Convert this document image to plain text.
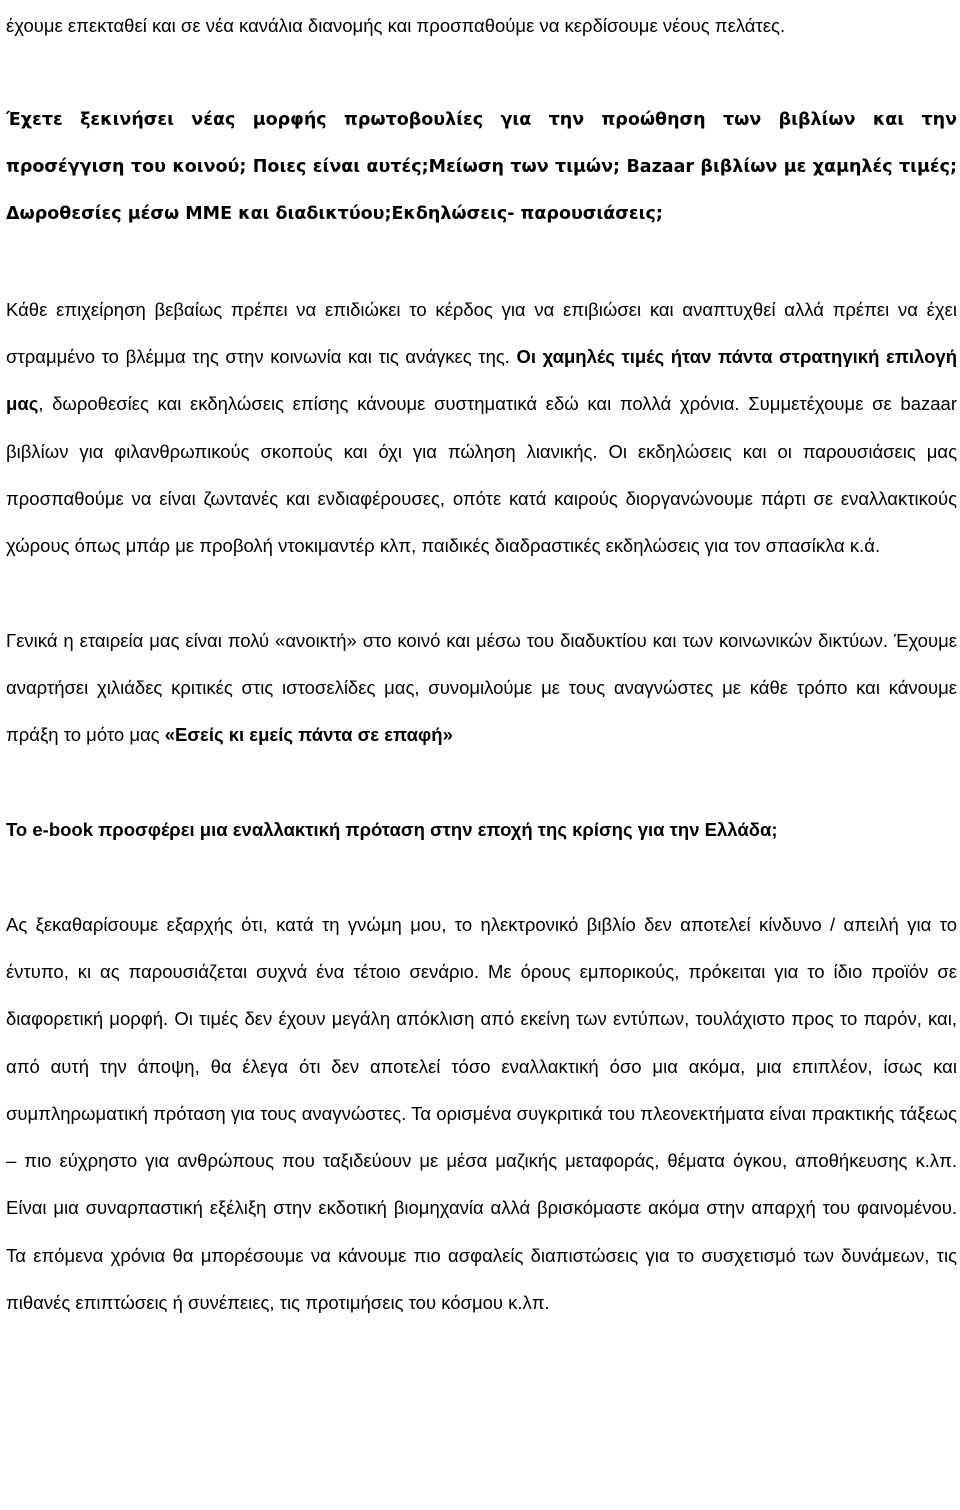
έχουμε επεκταθεί και σε νέα κανάλια διανομής και προσπαθούμε να κερδίσουμε νέους πελάτες.

Έχετε ξεκινήσει νέας μορφής πρωτοβουλίες για την προώθηση των βιβλίων και την προσέγγιση του κοινού; Ποιες είναι αυτές;Μείωση των τιμών; Bazaar βιβλίων με χαμηλές τιμές; Δωροθεσίες μέσω ΜΜΕ και διαδικτύου;Εκδηλώσεις- παρουσιάσεις;

Κάθε επιχείρηση βεβαίως πρέπει να επιδιώκει το κέρδος για να επιβιώσει και αναπτυχθεί αλλά πρέπει να έχει στραμμένο το βλέμμα της στην κοινωνία και τις ανάγκες της. Οι χαμηλές τιμές ήταν πάντα στρατηγική επιλογή μας, δωροθεσίες και εκδηλώσεις επίσης κάνουμε συστηματικά εδώ και πολλά χρόνια. Συμμετέχουμε σε bazaar βιβλίων για φιλανθρωπικούς σκοπούς και όχι για πώληση λιανικής. Οι εκδηλώσεις και οι παρουσιάσεις μας προσπαθούμε να είναι ζωντανές και ενδιαφέρουσες, οπότε κατά καιρούς διοργανώνουμε πάρτι σε εναλλακτικούς χώρους όπως μπάρ με προβολή ντοκιμαντέρ κλπ, παιδικές διαδραστικές εκδηλώσεις για τον σπασίκλα κ.ά.

Γενικά η εταιρεία μας είναι πολύ «ανοικτή» στο κοινό και μέσω του διαδυκτίου και των κοινωνικών δικτύων. Έχουμε αναρτήσει χιλιάδες κριτικές στις ιστοσελίδες μας, συνομιλούμε με τους αναγνώστες με κάθε τρόπο και κάνουμε πράξη το μότο μας «Εσείς κι εμείς πάντα σε επαφή»

Το e-book προσφέρει μια εναλλακτική πρόταση στην εποχή της κρίσης για την Ελλάδα;

Ας ξεκαθαρίσουμε εξαρχής ότι, κατά τη γνώμη μου, το ηλεκτρονικό βιβλίο δεν αποτελεί κίνδυνο / απειλή για το έντυπο, κι ας παρουσιάζεται συχνά ένα τέτοιο σενάριο. Με όρους εμπορικούς, πρόκειται για το ίδιο προϊόν σε διαφορετική μορφή. Οι τιμές δεν έχουν μεγάλη απόκλιση από εκείνη των εντύπων, τουλάχιστο προς το παρόν, και, από αυτή την άποψη, θα έλεγα ότι δεν αποτελεί τόσο εναλλακτική όσο μια ακόμα, μια επιπλέον, ίσως και συμπληρωματική πρόταση για τους αναγνώστες. Τα ορισμένα συγκριτικά του πλεονεκτήματα είναι πρακτικής τάξεως – πιο εύχρηστο για ανθρώπους που ταξιδεύουν με μέσα μαζικής μεταφοράς, θέματα όγκου, αποθήκευσης κ.λπ. Είναι μια συναρπαστική εξέλιξη στην εκδοτική βιομηχανία αλλά βρισκόμαστε ακόμα στην απαρχή του φαινομένου. Τα επόμενα χρόνια θα μπορέσουμε να κάνουμε πιο ασφαλείς διαπιστώσεις για το συσχετισμό των δυνάμεων, τις πιθανές επιπτώσεις ή συνέπειες, τις προτιμήσεις του κόσμου κ.λπ.
